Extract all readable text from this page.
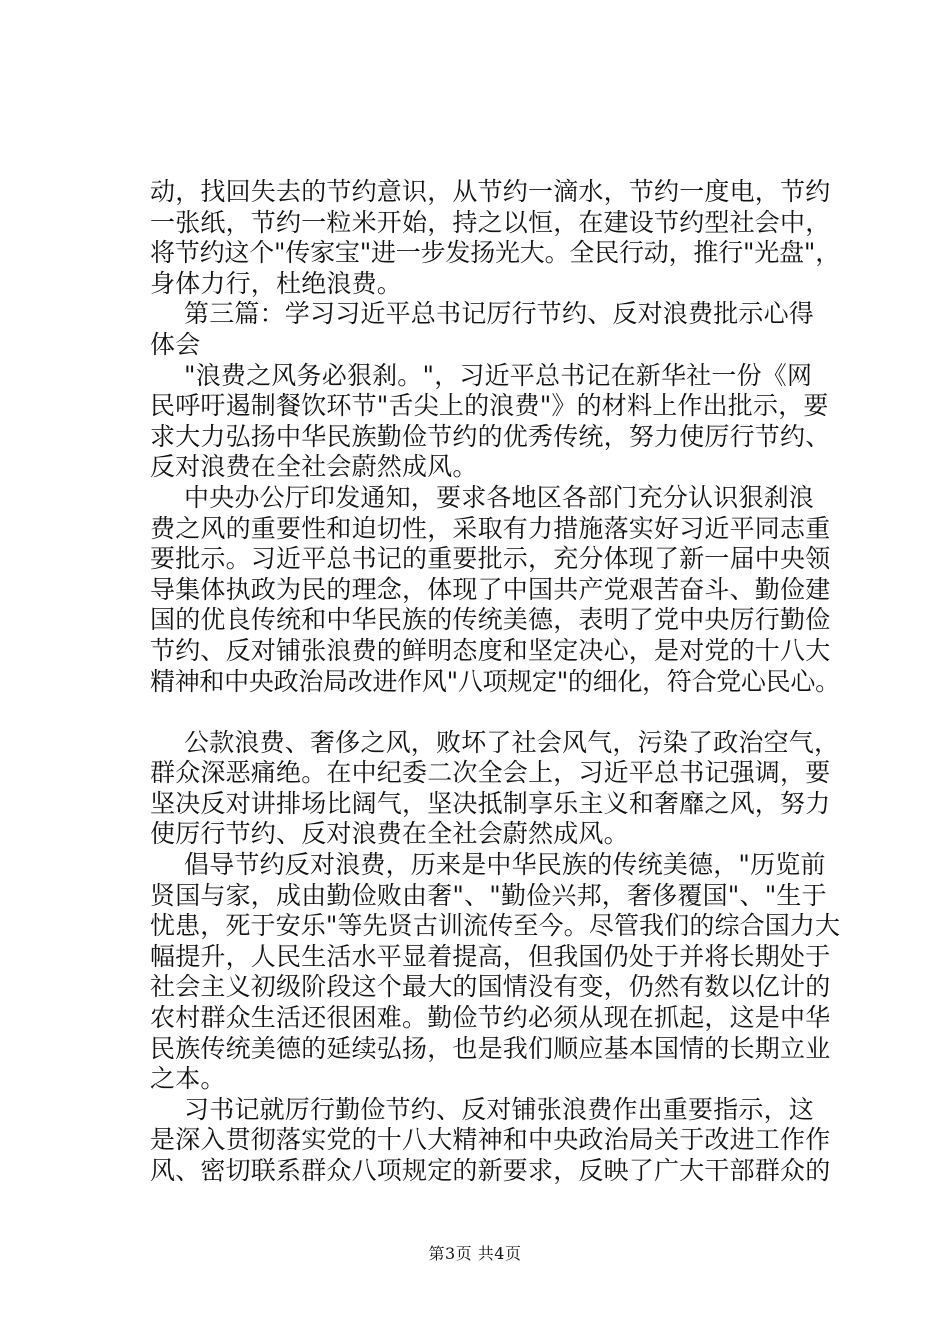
动，找回失去的节约意识，从节约一滴水，节约一度电，节约
一张纸，节约一粒米开始，持之以恒，在建设节约型社会中，
将节约这个"传家宝"进一步发扬光大。全民行动，推行"光盘"，
身体力行，杜绝浪费。
第三篇：学习习近平总书记厉行节约、反对浪费批示心得
体会
"浪费之风务必狠刹。"，习近平总书记在新华社一份《网
民呼吁遏制餐饮环节"舌尖上的浪费"》的材料上作出批示，要
求大力弘扬中华民族勤俭节约的优秀传统，努力使厉行节约、
反对浪费在全社会蔚然成风。
中央办公厅印发通知，要求各地区各部门充分认识狠刹浪
费之风的重要性和迫切性，采取有力措施落实好习近平同志重
要批示。习近平总书记的重要批示，充分体现了新一届中央领
导集体执政为民的理念，体现了中国共产党艰苦奋斗、勤俭建
国的优良传统和中华民族的传统美德，表明了党中央厉行勤俭
节约、反对铺张浪费的鲜明态度和坚定决心，是对党的十八大
精神和中央政治局改进作风"八项规定"的细化，符合党心民心。
公款浪费、奢侈之风，败坏了社会风气，污染了政治空气，
群众深恶痛绝。在中纪委二次全会上，习近平总书记强调，要
坚决反对讲排场比阔气，坚决抵制享乐主义和奢靡之风，努力
使厉行节约、反对浪费在全社会蔚然成风。
倡导节约反对浪费，历来是中华民族的传统美德，"历览前
贤国与家，成由勤俭败由奢"、"勤俭兴邦，奢侈覆国"、"生于
忧患，死于安乐"等先贤古训流传至今。尽管我们的综合国力大
幅提升，人民生活水平显着提高，但我国仍处于并将长期处于
社会主义初级阶段这个最大的国情没有变，仍然有数以亿计的
农村群众生活还很困难。勤俭节约必须从现在抓起，这是中华
民族传统美德的延续弘扬，也是我们顺应基本国情的长期立业
之本。
习书记就厉行勤俭节约、反对铺张浪费作出重要指示，这
是深入贯彻落实党的十八大精神和中央政治局关于改进工作作
风、密切联系群众八项规定的新要求，反映了广大干部群众的
第3页 共4页
